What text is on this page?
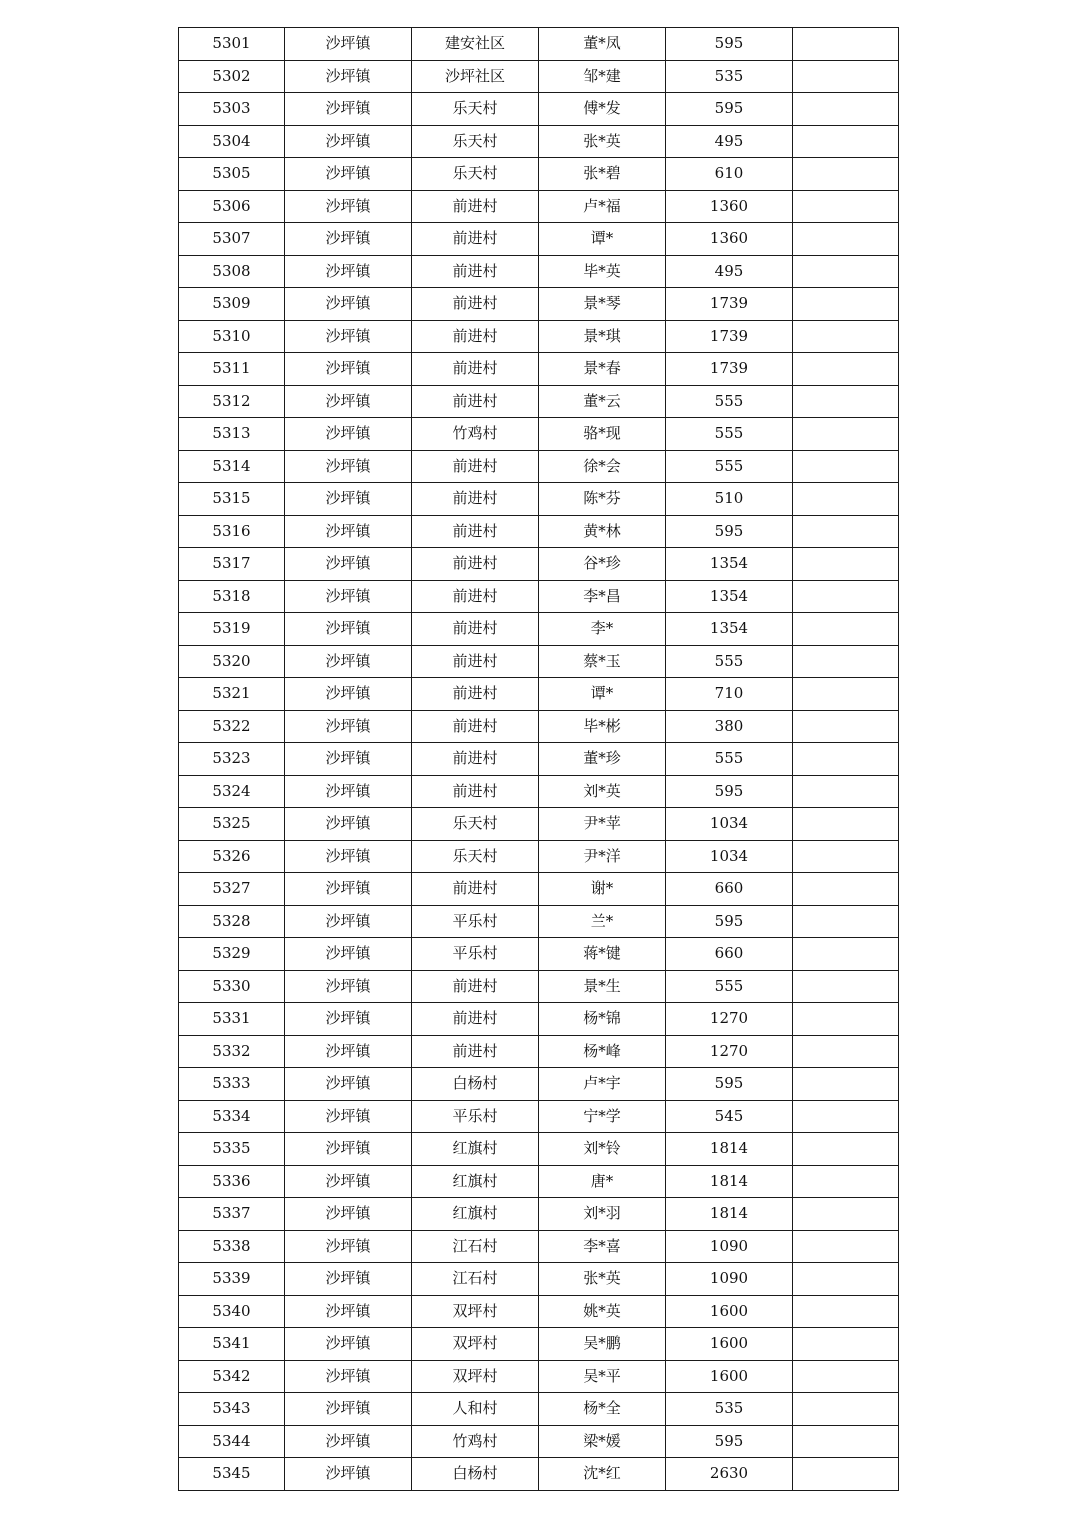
5301	沙坪镇	建安社区	董*凤	595	
5302	沙坪镇	沙坪社区	邹*建	535	
5303	沙坪镇	乐天村	傅*发	595	
5304	沙坪镇	乐天村	张*英	495	
5305	沙坪镇	乐天村	张*碧	610	
5306	沙坪镇	前进村	卢*福	1360	
5307	沙坪镇	前进村	谭*	1360	
5308	沙坪镇	前进村	毕*英	495	
5309	沙坪镇	前进村	景*琴	1739	
5310	沙坪镇	前进村	景*琪	1739	
5311	沙坪镇	前进村	景*春	1739	
5312	沙坪镇	前进村	董*云	555	
5313	沙坪镇	竹鸡村	骆*现	555	
5314	沙坪镇	前进村	徐*会	555	
5315	沙坪镇	前进村	陈*芬	510	
5316	沙坪镇	前进村	黄*林	595	
5317	沙坪镇	前进村	谷*珍	1354	
5318	沙坪镇	前进村	李*昌	1354	
5319	沙坪镇	前进村	李*	1354	
5320	沙坪镇	前进村	蔡*玉	555	
5321	沙坪镇	前进村	谭*	710	
5322	沙坪镇	前进村	毕*彬	380	
5323	沙坪镇	前进村	董*珍	555	
5324	沙坪镇	前进村	刘*英	595	
5325	沙坪镇	乐天村	尹*苹	1034	
5326	沙坪镇	乐天村	尹*洋	1034	
5327	沙坪镇	前进村	谢*	660	
5328	沙坪镇	平乐村	兰*	595	
5329	沙坪镇	平乐村	蒋*键	660	
5330	沙坪镇	前进村	景*生	555	
5331	沙坪镇	前进村	杨*锦	1270	
5332	沙坪镇	前进村	杨*峰	1270	
5333	沙坪镇	白杨村	卢*宇	595	
5334	沙坪镇	平乐村	宁*学	545	
5335	沙坪镇	红旗村	刘*铃	1814	
5336	沙坪镇	红旗村	唐*	1814	
5337	沙坪镇	红旗村	刘*羽	1814	
5338	沙坪镇	江石村	李*喜	1090	
5339	沙坪镇	江石村	张*英	1090	
5340	沙坪镇	双坪村	姚*英	1600	
5341	沙坪镇	双坪村	吴*鹏	1600	
5342	沙坪镇	双坪村	吴*平	1600	
5343	沙坪镇	人和村	杨*全	535	
5344	沙坪镇	竹鸡村	梁*媛	595	
5345	沙坪镇	白杨村	沈*红	2630	
